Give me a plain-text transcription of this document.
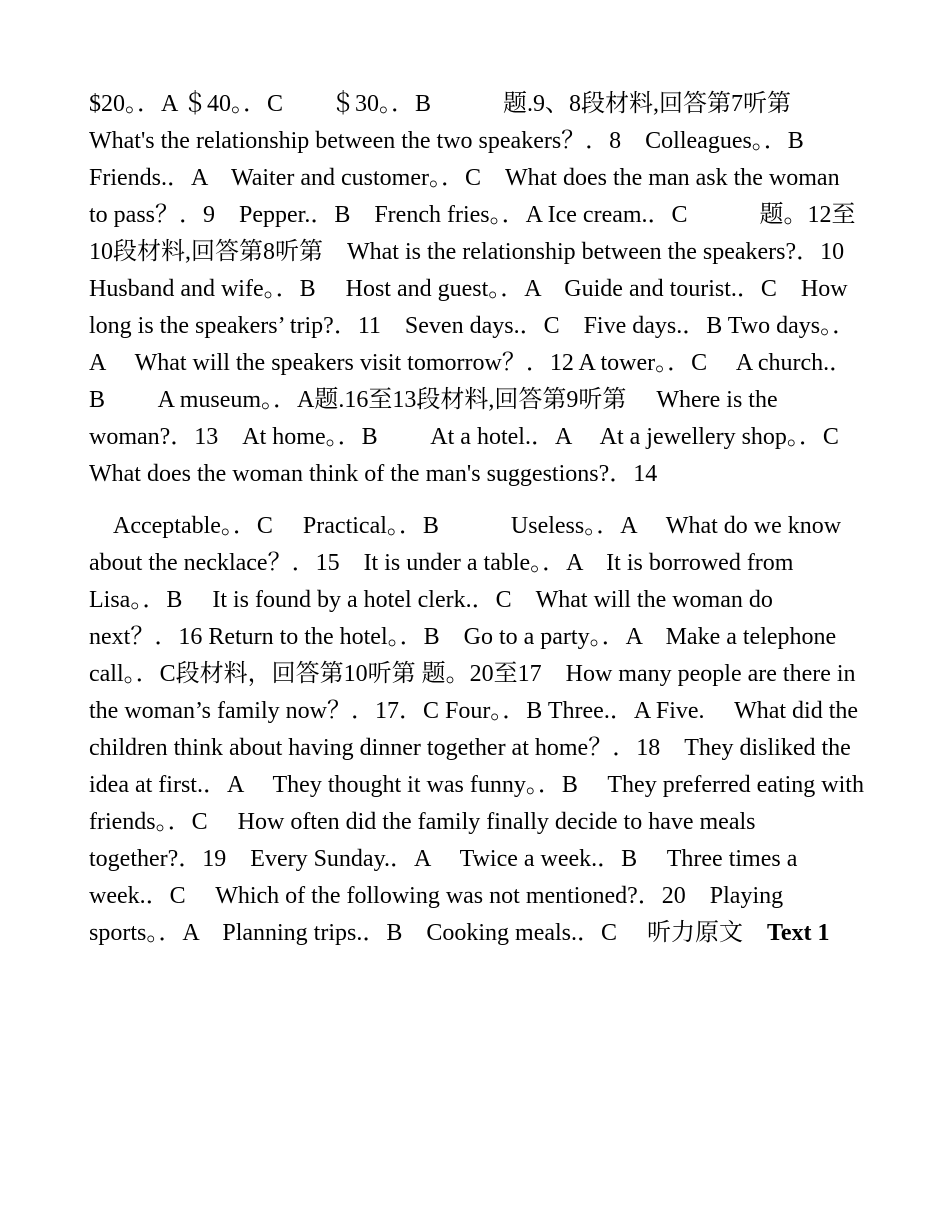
$20。．A ＄40。．C　　＄30。．B　　　题.9、8段材料,回答第7听第　What's the relationship between the two speakers？．8　Colleagues。．B Friends.．A　Waiter and customer。．C　What does the man ask the woman to pass？．9　Pepper.．B　French fries。．A Ice cream.．C　　　题。12至10段材料,回答第8听第　What is the relationship between the speakers?．10　Husband and wife。．B　 Host and guest。．A　Guide and tourist.．C　How long is the speakers’ trip?．11　Seven days.．C　Five days.．B Two days。．A　 What will the speakers visit tomorrow？．12 A tower。．C　 A church.．B　　 A museum。．A题.16至13段材料,回答第9听第　 Where is the woman?．13　At home。．B　　 At a hotel.．A　 At a jewellery shop。．C　 What does the woman think of the man's suggestions?．14

　Acceptable。．C　 Practical。．B　　　Useless。．A　 What do we know about the necklace？．15　It is under a table。．A　It is borrowed from Lisa。．B　 It is found by a hotel clerk.．C　What will the woman do next？．16 Return to the hotel。．B　Go to a party。．A　Make a telephone call。．C段材料，回答第10听第 题。20至17　How many people are there in the woman’s family now？．17．C Four。．B Three.．A Five.　 What did the children think about having dinner together at home？．18　They disliked the idea at first.．A　 They thought it was funny。．B　 They preferred eating with friends。．C　 How often did the family finally decide to have meals together?．19　Every Sunday.．A　 Twice a week.．B　 Three times a week.．C　 Which of the following was not mentioned?．20　Playing sports。．A　Planning trips.．B　Cooking meals.．C　 听力原文　Text 1
